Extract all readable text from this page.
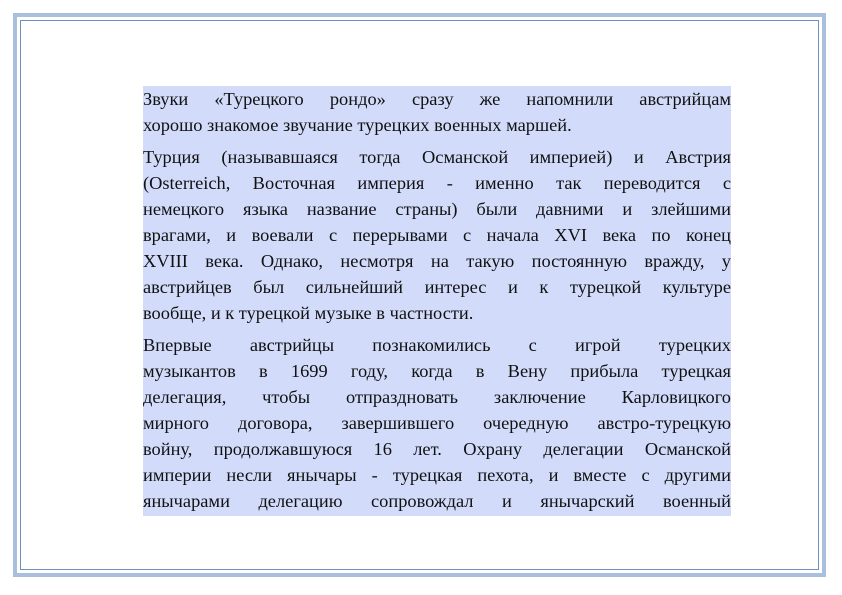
Звуки «Турецкого рондо» сразу же напомнили австрийцам
хорошо знакомое звучание турецких военных маршей.

Турция (называвшаяся тогда Османской империей) и Австрия
(Osterreich, Восточная империя - именно так переводится с
немецкого языка название страны) были давними и злейшими
врагами, и воевали с перерывами с начала XVI века по конец
XVIII века. Однако, несмотря на такую постоянную вражду, у
австрийцев был сильнейший интерес и к турецкой культуре
вообще, и к турецкой музыке в частности.

Впервые австрийцы познакомились с игрой турецких
музыкантов в 1699 году, когда в Вену прибыла турецкая
делегация, чтобы отпраздновать заключение Карловицкого
мирного договора, завершившего очередную австро-турецкую
войну, продолжавшуюся 16 лет. Охрану делегации Османской
империи несли янычары - турецкая пехота, и вместе с другими
янычарами делегацию сопровождал и янычарский военный
